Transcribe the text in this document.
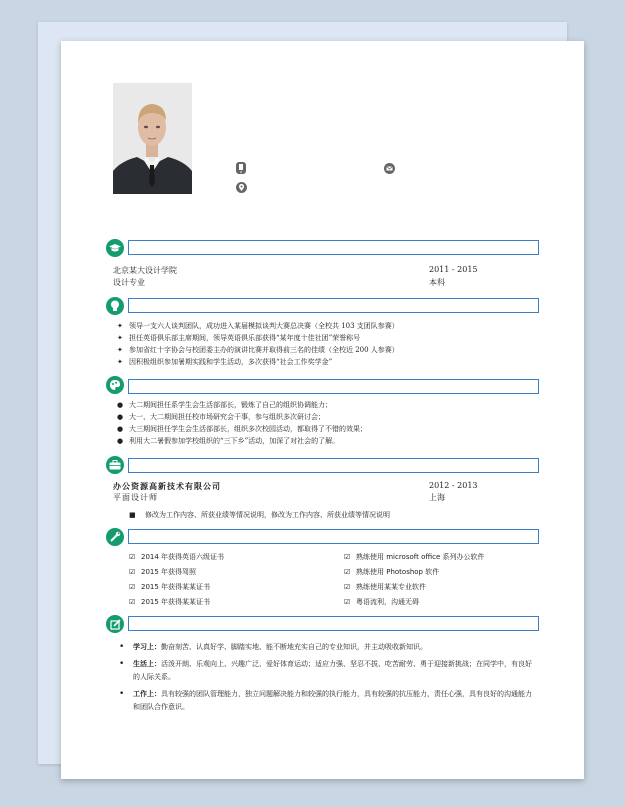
北京某大设计学院	2011 - 2015
设计专业	本科
✦ 领导一支六人谈判团队，成功进入某届模拟谈判大赛总决赛（全校共 103 支团队参赛）
✦ 担任英语俱乐部主席期间，领导英语俱乐部获得“某年度十佳社团”荣誉称号
✦ 参加省红十字协会与校团委主办的演讲比赛并取得前三名的佳绩（全校近 200 人参赛）
✦ 因积极组织参加暑期实践和学生活动，多次获得“社会工作奖学金”
● 大二期间担任系学生会生活部部长，锻炼了自己的组织协调能力；
● 大一、大二期间担任校市场研究会干事，参与组织多次研讨会；
● 大三期间担任学生会生活部部长，组织多次校园活动，都取得了不错的效果；
● 利用大二暑假参加学校组织的“三下乡”活动，加深了对社会的了解。
办公资源高新技术有限公司	2012 - 2013
平面设计师	上海
■ 修改为工作内容、所获业绩等情况说明，修改为工作内容、所获业绩等情况说明
☑ 2014 年获得英语六级证书
☑ 2015 年获得驾照
☑ 2015 年获得某某证书
☑ 2015 年获得某某证书
☑ 熟练使用 microsoft office 系列办公软件
☑ 熟练使用 Photoshop 软件
☑ 熟练使用某某专业软件
☑ 粤语流利，沟通无碍
• 学习上：勤奋刻苦、认真好学、脚踏实地、能不断地充实自己的专业知识，并主动吸收新知识。
• 生活上：活泼开朗、乐观向上、兴趣广泛、爱好体育运动；适应力强、坚忍不拔、吃苦耐劳、勇于迎接新挑战；在同学中，有良好的人际关系。
• 工作上：具有较强的团队管理能力，独立问题解决能力和较强的执行能力，具有较强的抗压能力，责任心强，具有良好的沟通能力和团队合作意识。
